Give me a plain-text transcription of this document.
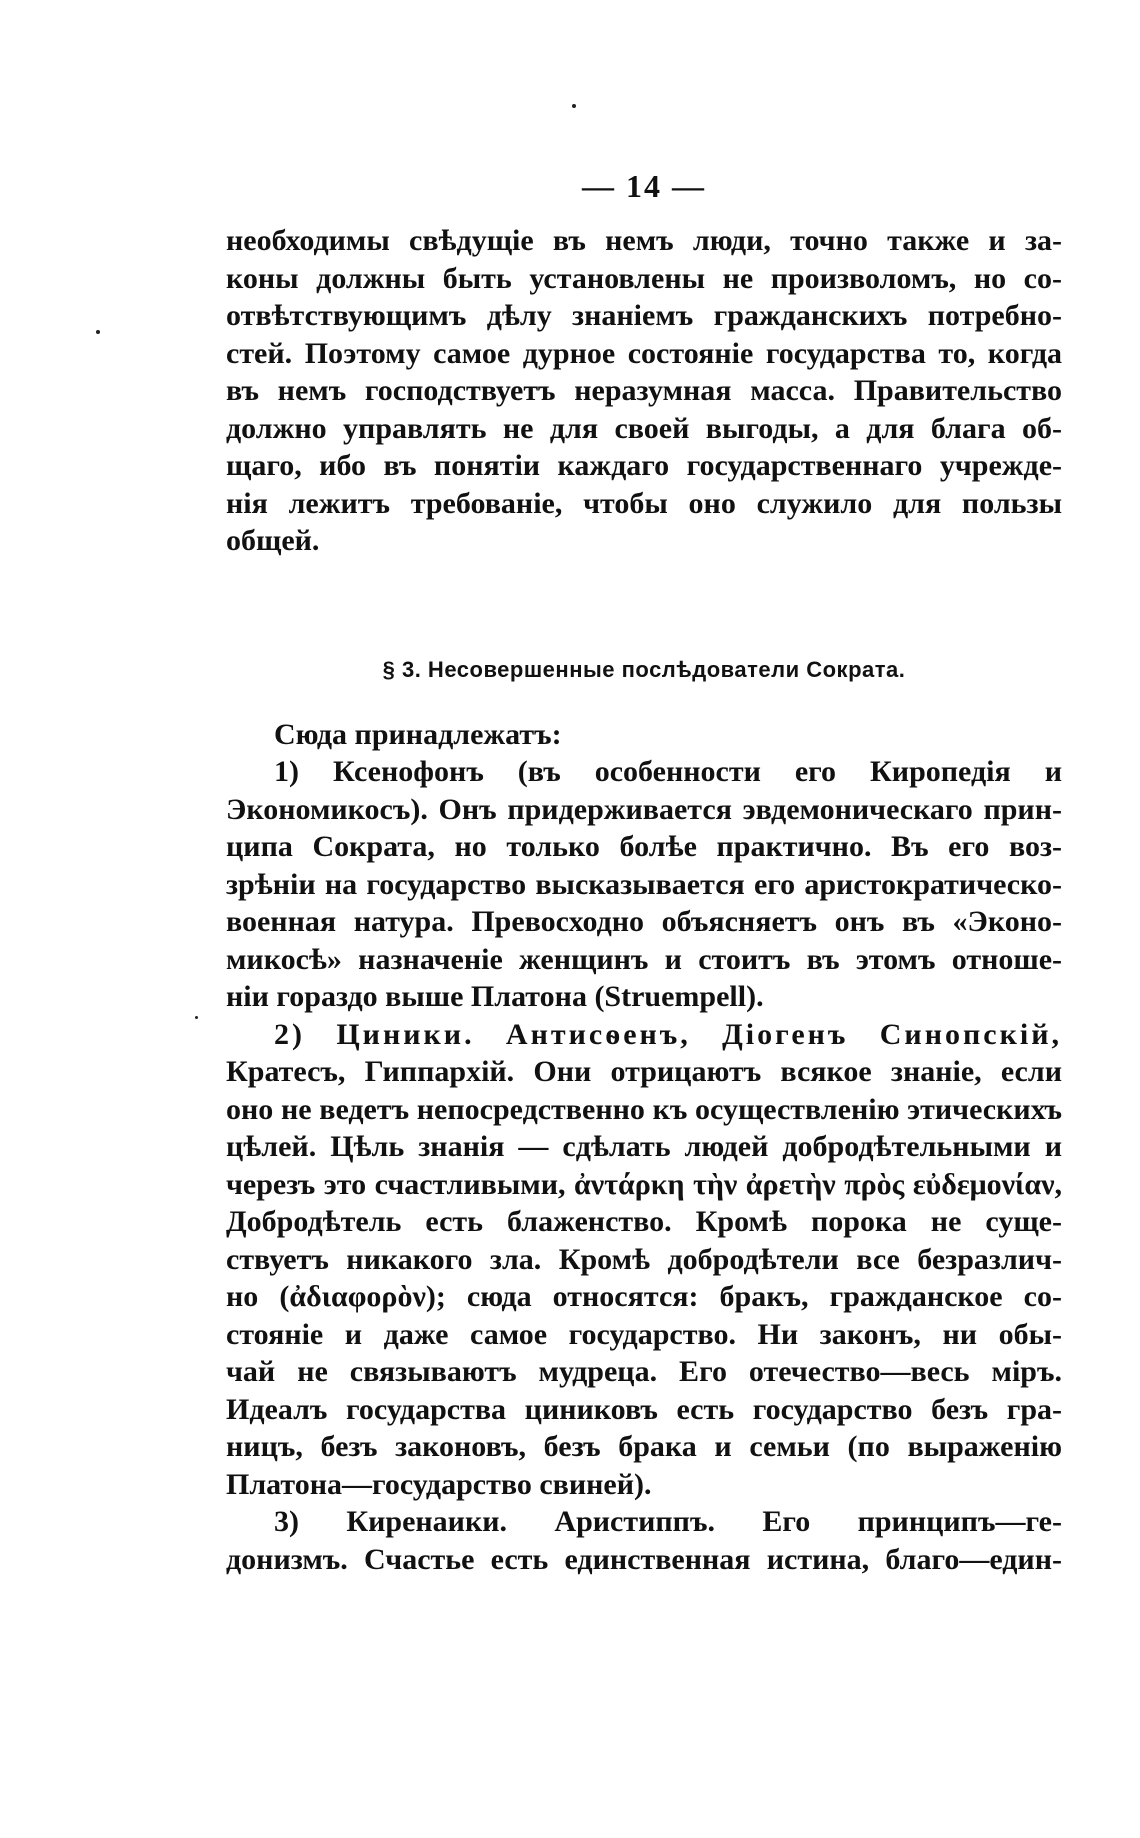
— 14 —
необходимы свѣдущіе въ немъ люди, точно также и за-
коны должны быть установлены не произволомъ, но со-
отвѣтствующимъ дѣлу знаніемъ гражданскихъ потребно-
стей. Поэтому самое дурное состояніе государства то, когда
въ немъ господствуетъ неразумная масса. Правительство
должно управлять не для своей выгоды, а для блага об-
щаго, ибо въ понятіи каждаго государственнаго учрежде-
нія лежитъ требованіе, чтобы оно служило для пользы
общей.
§ 3. Несовершенные послѣдователи Сократа.
Сюда принадлежатъ:
1) Ксенофонъ (въ особенности его Киропедія и
Экономикосъ). Онъ придерживается эвдемоническаго прин-
ципа Сократа, но только болѣе практично. Въ его воз-
зрѣніи на государство высказывается его аристократическо-
военная натура. Превосходно объясняетъ онъ въ «Эконо-
микосѣ» назначеніе женщинъ и стоитъ въ этомъ отноше-
ніи гораздо выше Платона (Struempell).
2) Циники. Антисѳенъ, Діогенъ Синопскій,
Кратесъ, Гиппархій. Они отрицаютъ всякое знаніе, если
оно не ведетъ непосредственно къ осуществленію этическихъ
цѣлей. Цѣль знанія — сдѣлать людей добродѣтельными и
черезъ это счастливыми, ἀντάρκη τὴν ἀρετὴν πρὸς εὐδεμονίαν,
Добродѣтель есть блаженство. Кромѣ порока не суще-
ствуетъ никакого зла. Кромѣ добродѣтели все безразлич-
но (ἀδιαφορὸν); сюда относятся: бракъ, гражданское со-
стояніе и даже самое государство. Ни законъ, ни обы-
чай не связываютъ мудреца. Его отечество—весь міръ.
Идеалъ государства циниковъ есть государство безъ гра-
ницъ, безъ законовъ, безъ брака и семьи (по выраженію
Платона—государство свиней).
3) Киренаики. Аристиппъ. Его принципъ—ге-
донизмъ. Счастье есть единственная истина, благо—един-
